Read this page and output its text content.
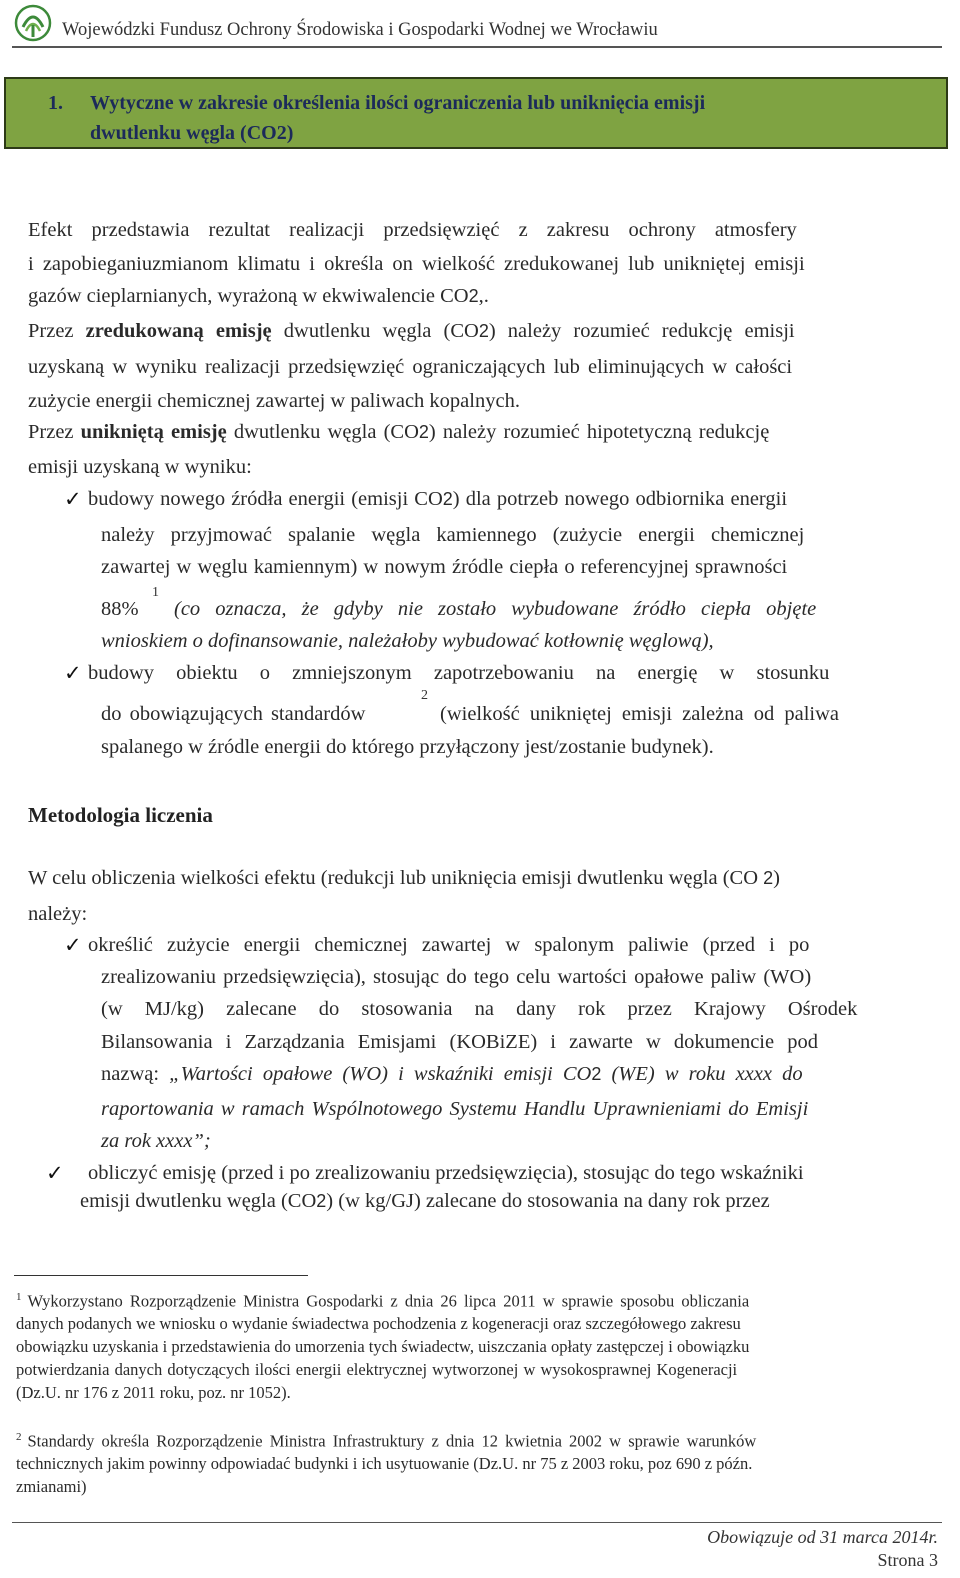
Wojewódzki Fundusz Ochrony Środowiska i Gospodarki Wodnej we Wrocławiu
1. Wytyczne w zakresie określenia ilości ograniczenia lub uniknięcia emisji
dwutlenku węgla (CO2)
Efekt przedstawia rezultat realizacji przedsięwzięć z zakresu ochrony atmosfery
i zapobieganiuzmianom klimatu i określa on wielkość zredukowanej lub unikniętej emisji
gazów cieplarnianych, wyrażoną w ekwiwalencie CO2,.
Przez zredukowaną emisję dwutlenku węgla (CO2) należy rozumieć redukcję emisji
uzyskaną w wyniku realizacji przedsięwzięć ograniczających lub eliminujących w całości
zużycie energii chemicznej zawartej w paliwach kopalnych.
Przez unikniętą emisję dwutlenku węgla (CO2) należy rozumieć hipotetyczną redukcję
emisji uzyskaną w wyniku:
✓ budowy nowego źródła energii (emisji CO2) dla potrzeb nowego odbiornika energii
należy przyjmować spalanie węgla kamiennego (zużycie energii chemicznej
zawartej w węglu kamiennym) w nowym źródle ciepła o referencyjnej sprawności
88%
1
(co oznacza, że gdyby nie zostało wybudowane źródło ciepła objęte
wnioskiem o dofinansowanie, należałoby wybudować kotłownię węglową),
✓ budowy obiektu o zmniejszonym zapotrzebowaniu na energię w stosunku
do obowiązujących standardów
2
(wielkość unikniętej emisji zależna od paliwa
spalanego w źródle energii do którego przyłączony jest/zostanie budynek).
Metodologia liczenia
W celu obliczenia wielkości efektu (redukcji lub uniknięcia emisji dwutlenku węgla (CO 2)
należy:
✓ określić zużycie energii chemicznej zawartej w spalonym paliwie (przed i po
zrealizowaniu przedsięwzięcia), stosując do tego celu wartości opałowe paliw (WO)
(w MJ/kg) zalecane do stosowania na dany rok przez Krajowy Ośrodek
Bilansowania i Zarządzania Emisjami (KOBiZE) i zawarte w dokumencie pod
nazwą: „Wartości opałowe (WO) i wskaźniki emisji CO2 (WE) w roku xxxx do
raportowania w ramach Wspólnotowego Systemu Handlu Uprawnieniami do Emisji
za rok xxxx”;
✓ obliczyć emisję (przed i po zrealizowaniu przedsięwzięcia), stosując do tego wskaźniki
emisji dwutlenku węgla (CO2) (w kg/GJ) zalecane do stosowania na dany rok przez
$^1$ Wykorzystano Rozporządzenie Ministra Gospodarki z dnia 26 lipca 2011 w sprawie sposobu obliczania
danych podanych we wniosku o wydanie świadectwa pochodzenia z kogeneracji oraz szczegółowego zakresu
obowiązku uzyskania i przedstawienia do umorzenia tych świadectw, uiszczania opłaty zastępczej i obowiązku
potwierdzania danych dotyczących ilości energii elektrycznej wytworzonej w wysokosprawnej Kogeneracji
(Dz.U. nr 176 z 2011 roku, poz. nr 1052).
$^2$ Standardy określa Rozporządzenie Ministra Infrastruktury z dnia 12 kwietnia 2002 w sprawie warunków
technicznych jakim powinny odpowiadać budynki i ich usytuowanie (Dz.U. nr 75 z 2003 roku, poz 690 z późn.
zmianami)
Obowiązuje od 31 marca 2014r.
Strona 3
